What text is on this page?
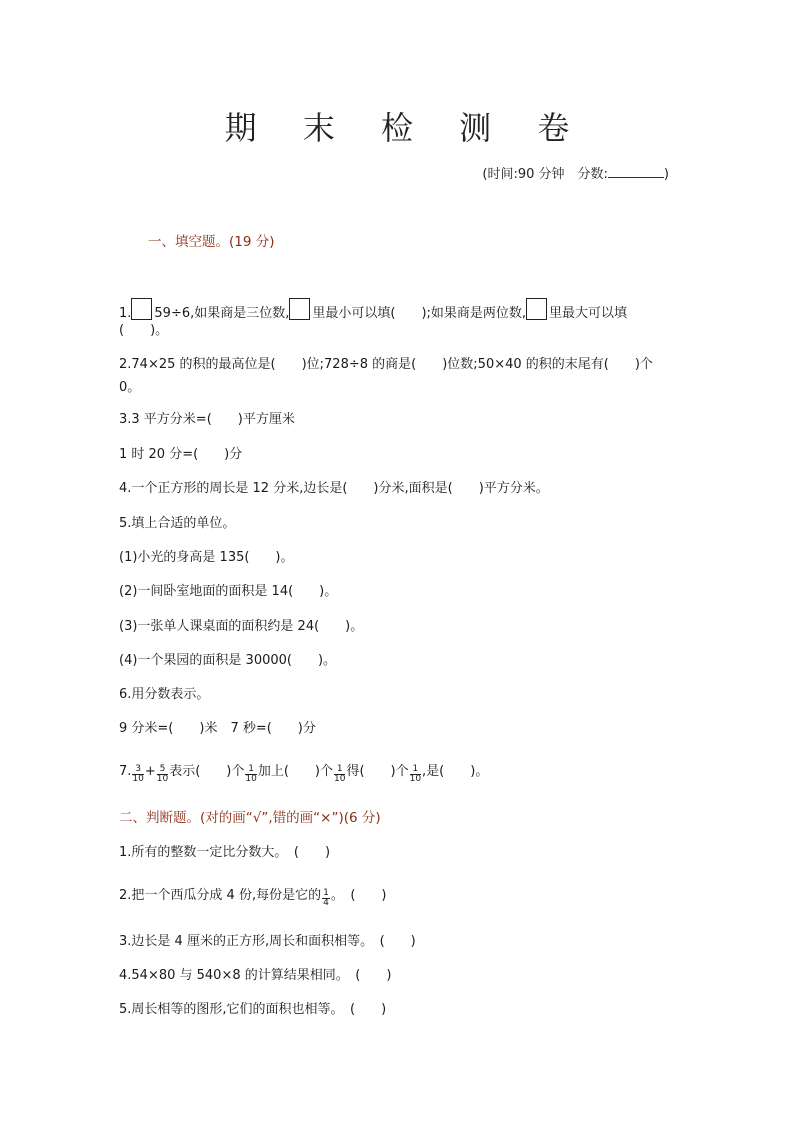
期 末 检 测 卷
(时间:90 分钟　分数:	)
一、填空题。(19 分)
1. 59÷6,如果商是三位数, 里最小可以填(　　);如果商是两位数, 里最大可以填
(　　)。
2.74×25 的积的最高位是(　　)位;728÷8 的商是(　　)位数;50×40 的积的末尾有(　　)个
0。
3.3 平方分米=(　　)平方厘米
1 时 20 分=(　　)分
4.一个正方形的周长是 12 分米,边长是(　　)分米,面积是(　　)平方分米。
5.填上合适的单位。
(1)小光的身高是 135(　　)。
(2)一间卧室地面的面积是 14(　　)。
(3)一张单人课桌面的面积约是 24(　　)。
(4)一个果园的面积是 30000(　　)。
6.用分数表示。
9 分米=(　　)米　7 秒=(　　)分
7. $\frac{3}{10} + \frac{5}{10}$ 表示(　　)个 $\frac{1}{10}$ 加上(　　)个 $\frac{1}{10}$ 得(　　)个 $\frac{1}{10}$ ,是(　　)。
二、判断题。(对的画“√”,错的画“×”)(6 分)
1.所有的整数一定比分数大。　(　　)
2.把一个西瓜分成 4 份,每份是它的 $\frac{1}{4}$ 。　(　　)
3.边长是 4 厘米的正方形,周长和面积相等。　(　　)
4.54×80 与 540×8 的计算结果相同。　(　　)
5.周长相等的图形,它们的面积也相等。　(　　)
